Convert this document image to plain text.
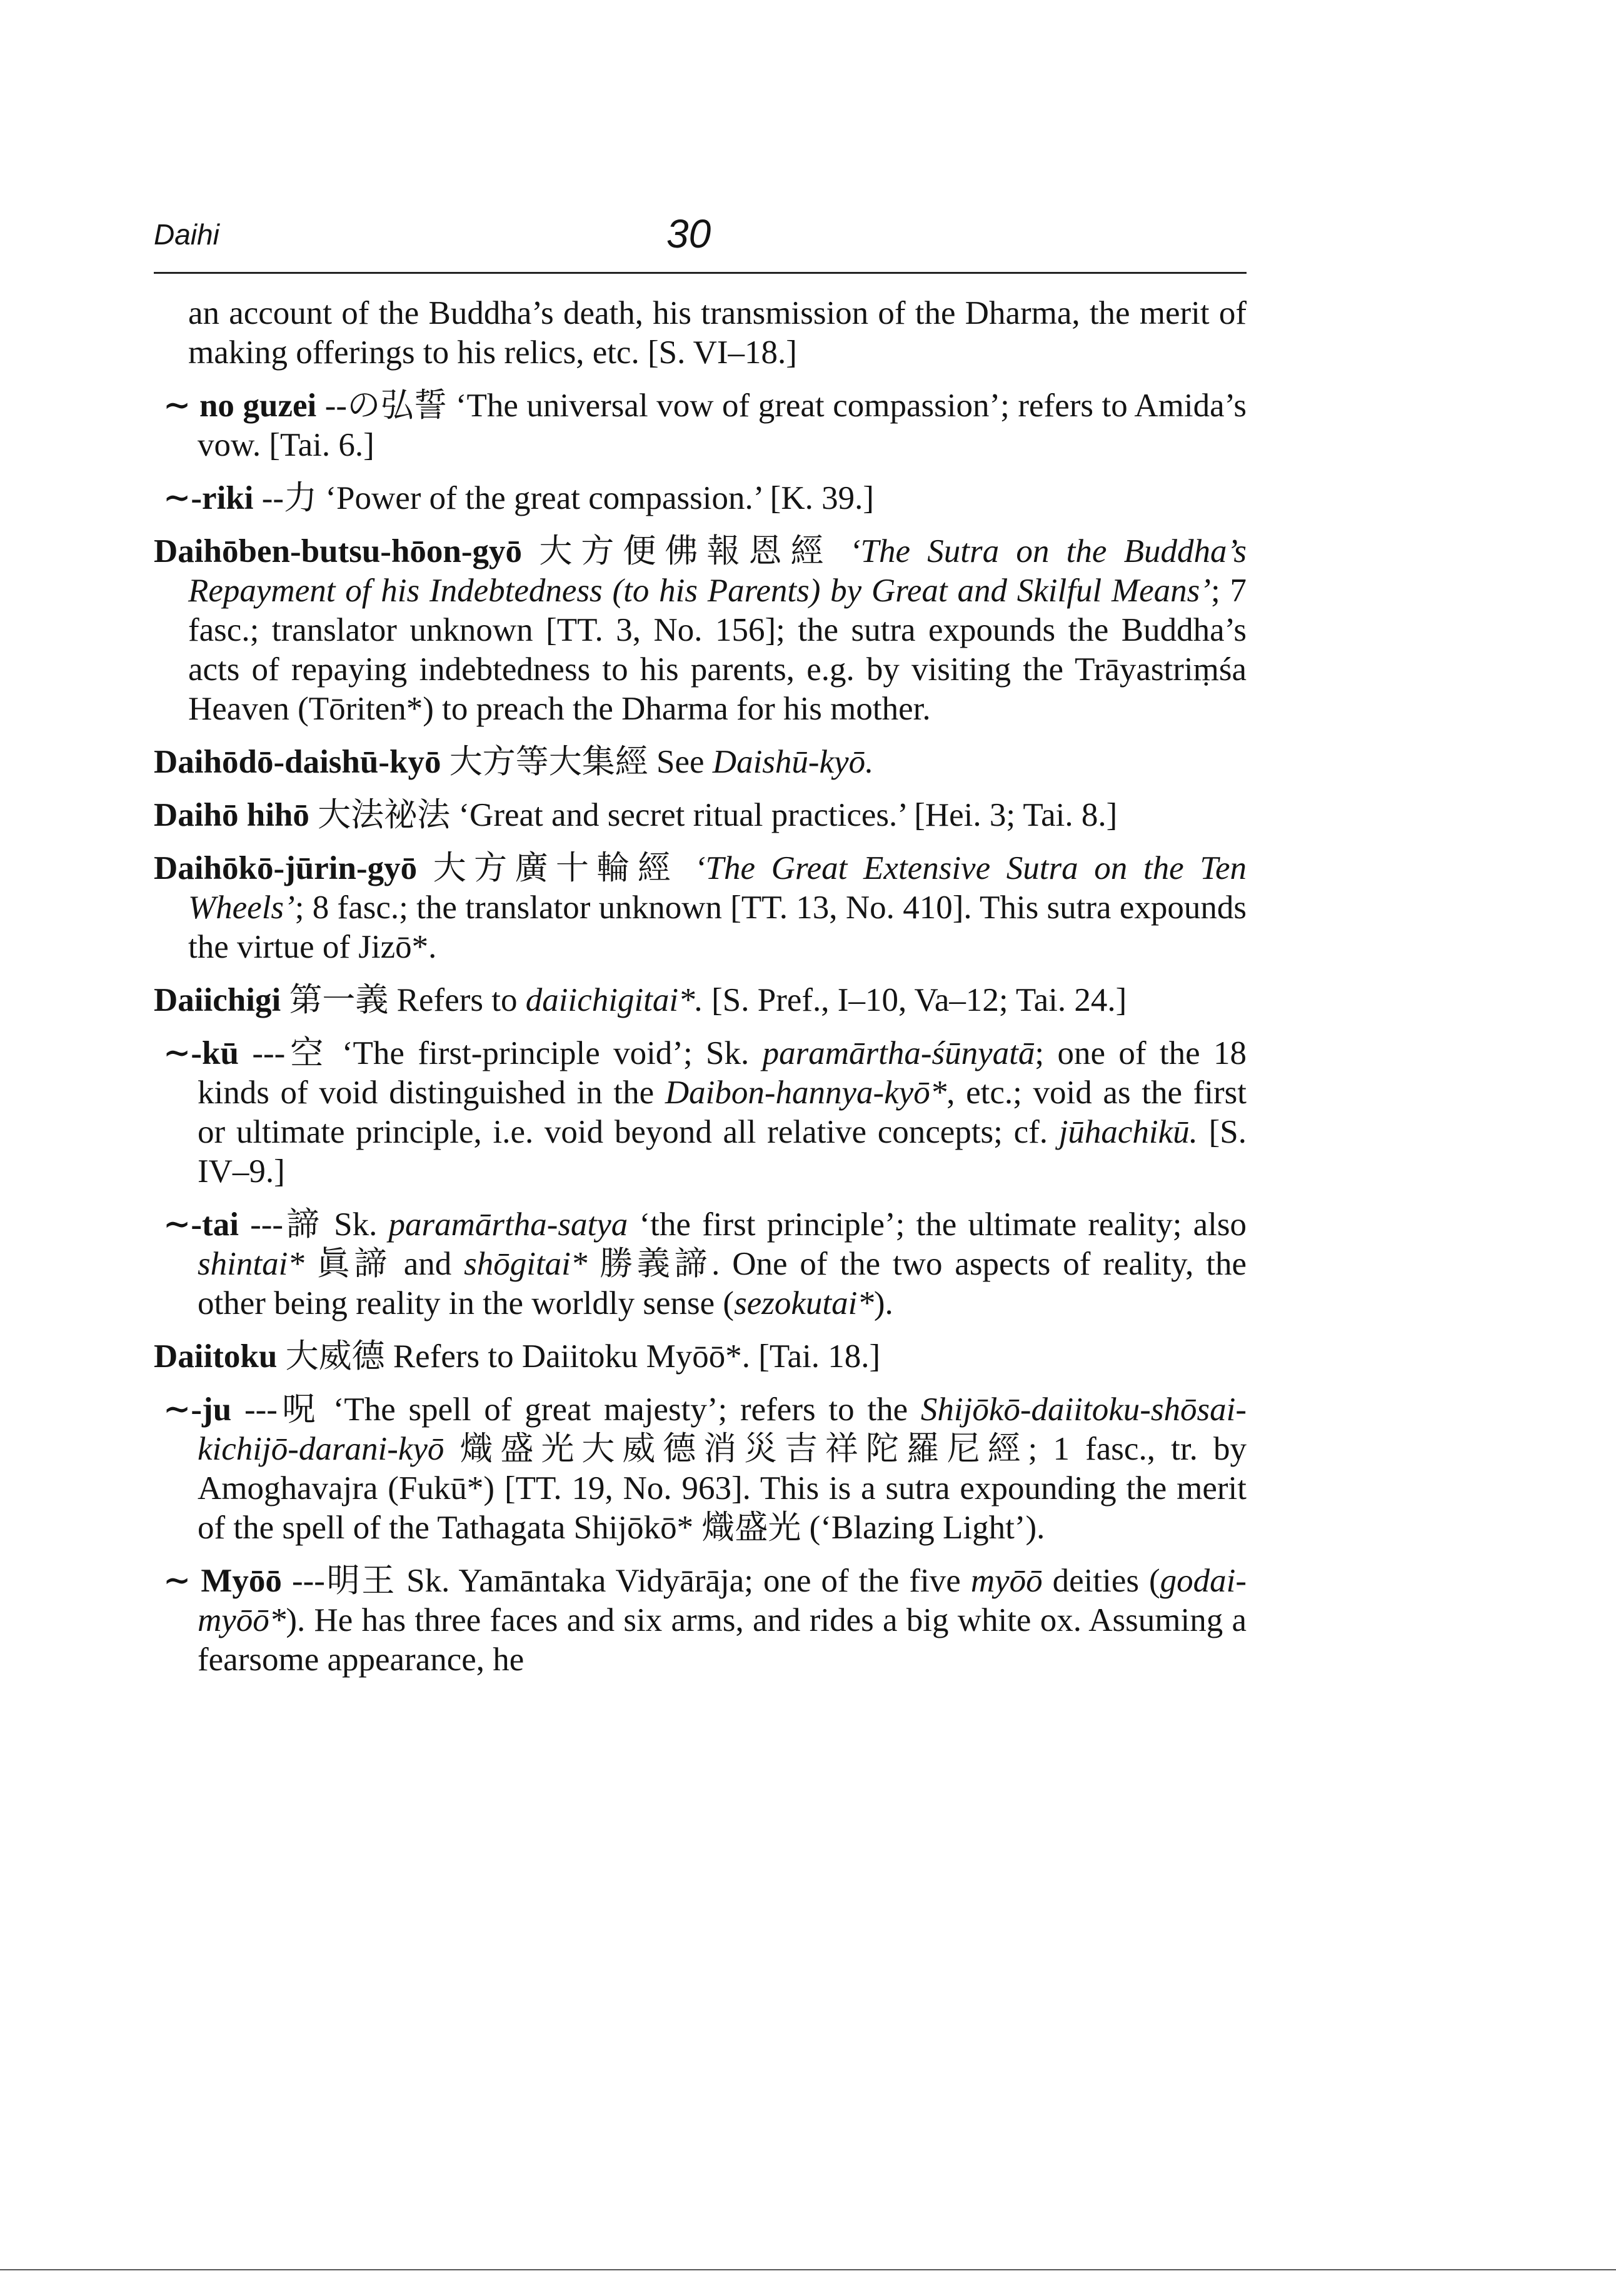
Daihi	30

an account of the Buddha’s death, his transmission of the Dharma, the merit of making offerings to his relics, etc. [S. VI–18.]

∼ no guzei --の弘誓 ‘The universal vow of great compassion’; refers to Amida’s vow. [Tai. 6.]

∼-riki --力 ‘Power of the great compassion.’ [K. 39.]

Daihōben-butsu-hōon-gyō 大方便佛報恩經 ‘The Sutra on the Buddha’s Repayment of his Indebtedness (to his Parents) by Great and Skilful Means’; 7 fasc.; translator unknown [TT. 3, No. 156]; the sutra expounds the Buddha’s acts of repaying indebtedness to his parents, e.g. by visiting the Trāyastriṃśa Heaven (Tōriten*) to preach the Dharma for his mother.

Daihōdō-daishū-kyō 大方等大集經 See Daishū-kyō.

Daihō hihō 大法祕法 ‘Great and secret ritual practices.’ [Hei. 3; Tai. 8.]

Daihōkō-jūrin-gyō 大方廣十輪經 ‘The Great Extensive Sutra on the Ten Wheels’; 8 fasc.; the translator unknown [TT. 13, No. 410]. This sutra expounds the virtue of Jizō*.

Daiichigi 第一義 Refers to daiichigitai*. [S. Pref., I–10, Va–12; Tai. 24.]

∼-kū ---空 ‘The first-principle void’; Sk. paramārtha-śūnyatā; one of the 18 kinds of void distinguished in the Daibon-hannya-kyō*, etc.; void as the first or ultimate principle, i.e. void beyond all relative concepts; cf. jūhachikū. [S. IV–9.]

∼-tai ---諦 Sk. paramārtha-satya ‘the first principle’; the ultimate reality; also shintai* 眞諦 and shōgitai* 勝義諦. One of the two aspects of reality, the other being reality in the worldly sense (sezokutai*).

Daiitoku 大威德 Refers to Daiitoku Myōō*. [Tai. 18.]

∼-ju ---呪 ‘The spell of great majesty’; refers to the Shijōkō-daiitoku-shōsai-kichijō-darani-kyō 熾盛光大威德消災吉祥陀羅尼經; 1 fasc., tr. by Amoghavajra (Fukū*) [TT. 19, No. 963]. This is a sutra expounding the merit of the spell of the Tathagata Shijōkō* 熾盛光 (‘Blazing Light’).

∼ Myōō ---明王 Sk. Yamāntaka Vidyārāja; one of the five myōō deities (godai-myōō*). He has three faces and six arms, and rides a big white ox. Assuming a fearsome appearance, he
